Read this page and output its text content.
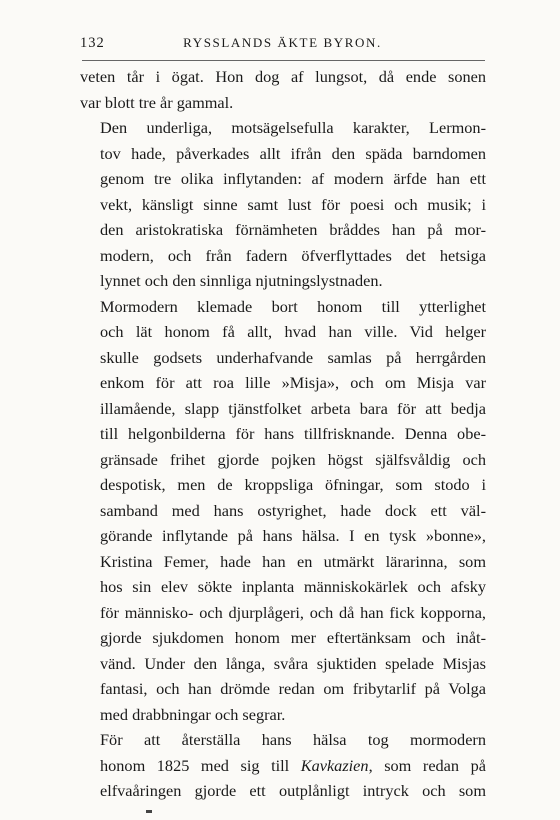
132	RYSSLANDS ÄKTE BYRON.

veten tår i ögat. Hon dog af lungsot, då ende sonen
var blott tre år gammal.

Den underliga, motsägelsefulla karakter, Lermon-
tov hade, påverkades allt ifrån den späda barndomen
genom tre olika inflytanden: af modern ärfde han ett
vekt, känsligt sinne samt lust för poesi och musik; i
den aristokratiska förnämheten bråddes han på mor-
modern, och från fadern öfverflyttades det hetsiga
lynnet och den sinnliga njutningslystnaden.

Mormodern klemade bort honom till ytterlighet
och lät honom få allt, hvad han ville. Vid helger
skulle godsets underhafvande samlas på herrgården
enkom för att roa lille »Misja», och om Misja var
illamående, slapp tjänstfolket arbeta bara för att bedja
till helgonbilderna för hans tillfrisknande. Denna obe-
gränsade frihet gjorde pojken högst själfsvåldig och
despotisk, men de kroppsliga öfningar, som stodo i
samband med hans ostyrighet, hade dock ett väl-
görande inflytande på hans hälsa. I en tysk »bonne»,
Kristina Femer, hade han en utmärkt lärarinna, som
hos sin elev sökte inplanta människokärlek och afsky
för människo- och djurplågeri, och då han fick kopporna,
gjorde sjukdomen honom mer eftertänksam och inåt-
vänd. Under den långa, svåra sjuktiden spelade Misjas
fantasi, och han drömde redan om fribytarlif på Volga
med drabbningar och segrar.

För att återställa hans hälsa tog mormodern
honom 1825 med sig till Kavkazien, som redan på
elfvaåringen gjorde ett outplånligt intryck och som
